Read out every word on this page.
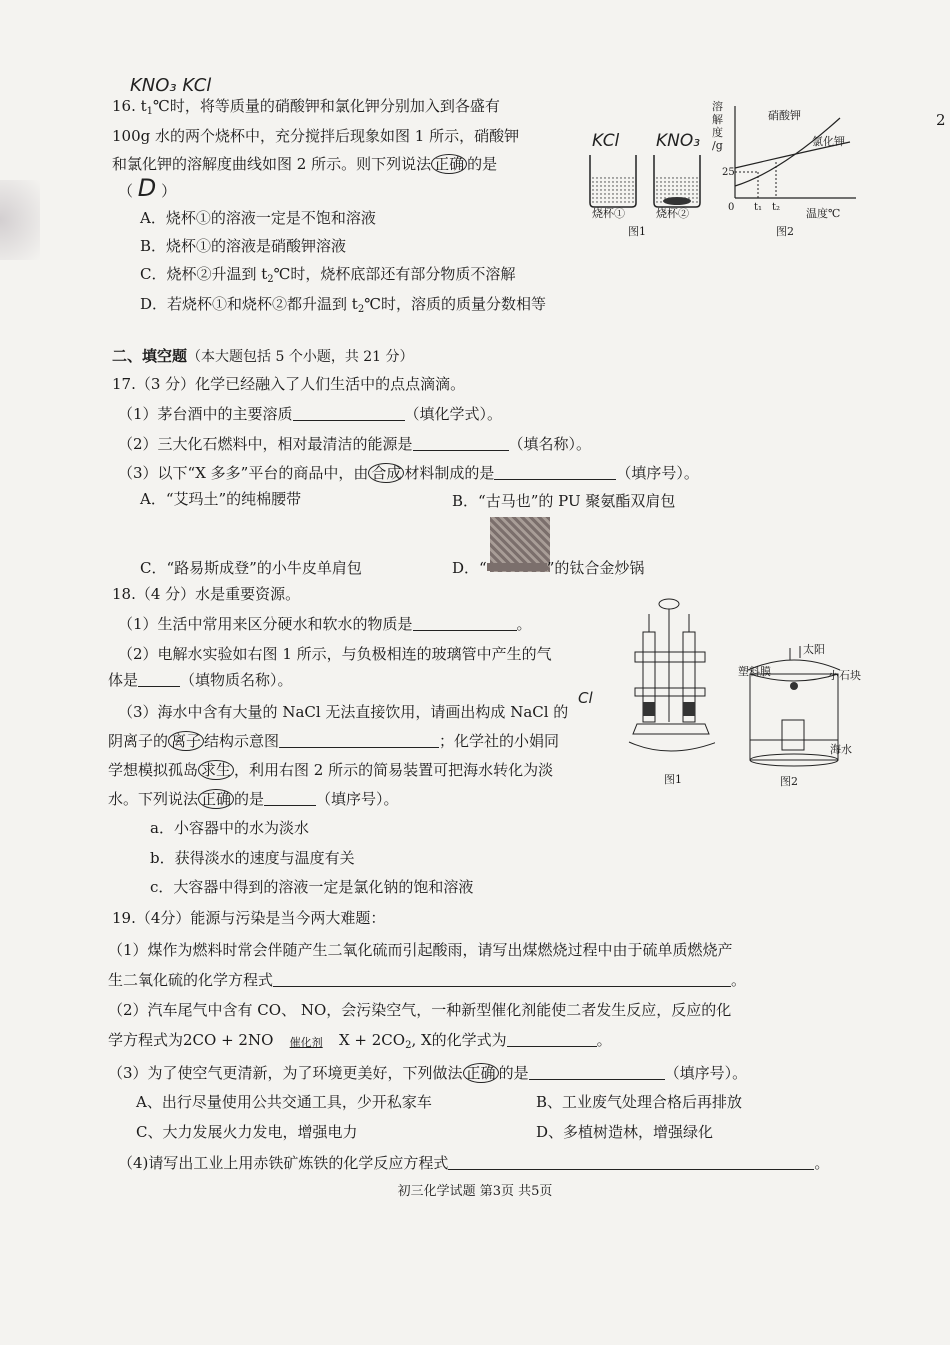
2
KNO₃ KCl
16. $t_1℃$时，将等质量的硝酸钾和氯化钾分别加入到各盛有
100g 水的两个烧杯中，充分搅拌后现象如图 1 所示，硝酸钾
和氯化钾的溶解度曲线如图 2 所示。则下列说法 正确 的是
（ D ）
A．烧杯①的溶液一定是不饱和溶液
B．烧杯①的溶液是硝酸钾溶液
C．烧杯②升温到 $t_2℃$时，烧杯底部还有部分物质不溶解
D．若烧杯①和烧杯②都升温到 $t_2℃$时，溶质的质量分数相等
KCl KNO₃
烧杯①	烧杯②
图1
溶
解
度
/g
硝酸钾
氯化钾
25
0 t₁ t₂ 温度℃
图2
二、填空题（本大题包括 5 个小题，共 21 分）
17.（3 分）化学已经融入了人们生活中的点点滴滴。
（1）茅台酒中的主要溶质	（填化学式）。
（2）三大化石燃料中，相对最清洁的能源是	（填名称）。
（3）以下“X 多多”平台的商品中，由 合成 材料制成的是	（填序号）。
A．“艾玛土”的纯棉腰带	B．“古马也”的 PU 聚氨酯双肩包
C．“路易斯成登”的小牛皮单肩包	D．“	”的钛合金炒锅
18.（4 分）水是重要资源。
（1）生活中常用来区分硬水和软水的物质是	。
（2）电解水实验如右图 1 所示，与负极相连的玻璃管中产生的气
体是	（填物质名称）。
Cl
（3）海水中含有大量的 NaCl 无法直接饮用，请画出构成 NaCl 的
阴离子的 离子 结构示意图	；化学社的小娟同
学想模拟孤岛 求生 ，利用右图 2 所示的简易装置可把海水转化为淡
水。下列说法 正确 的是	（填序号）。
a．小容器中的水为淡水
b．获得淡水的速度与温度有关
c．大容器中得到的溶液一定是氯化钠的饱和溶液
图1
太阳
塑料膜	小石块
海水
图2
19.（4分）能源与污染是当今两大难题：
（1）煤作为燃料时常会伴随产生二氧化硫而引起酸雨，请写出煤燃烧过程中由于硫单质燃烧产
生二氧化硫的化学方程式	。
（2）汽车尾气中含有 CO、 NO，会污染空气，一种新型催化剂能使二者发生反应，反应的化
学方程式为2CO + 2NO	催化剂	$X + 2CO_2$, X的化学式为	。
（3）为了使空气更清新，为了环境更美好，下列做法 正确 的是	（填序号）。
A、出行尽量使用公共交通工具，少开私家车	B、工业废气处理合格后再排放
C、大力发展火力发电，增强电力	D、多植树造林，增强绿化
（4)请写出工业上用赤铁矿炼铁的化学反应方程式	。
初三化学试题 第3页 共5页
